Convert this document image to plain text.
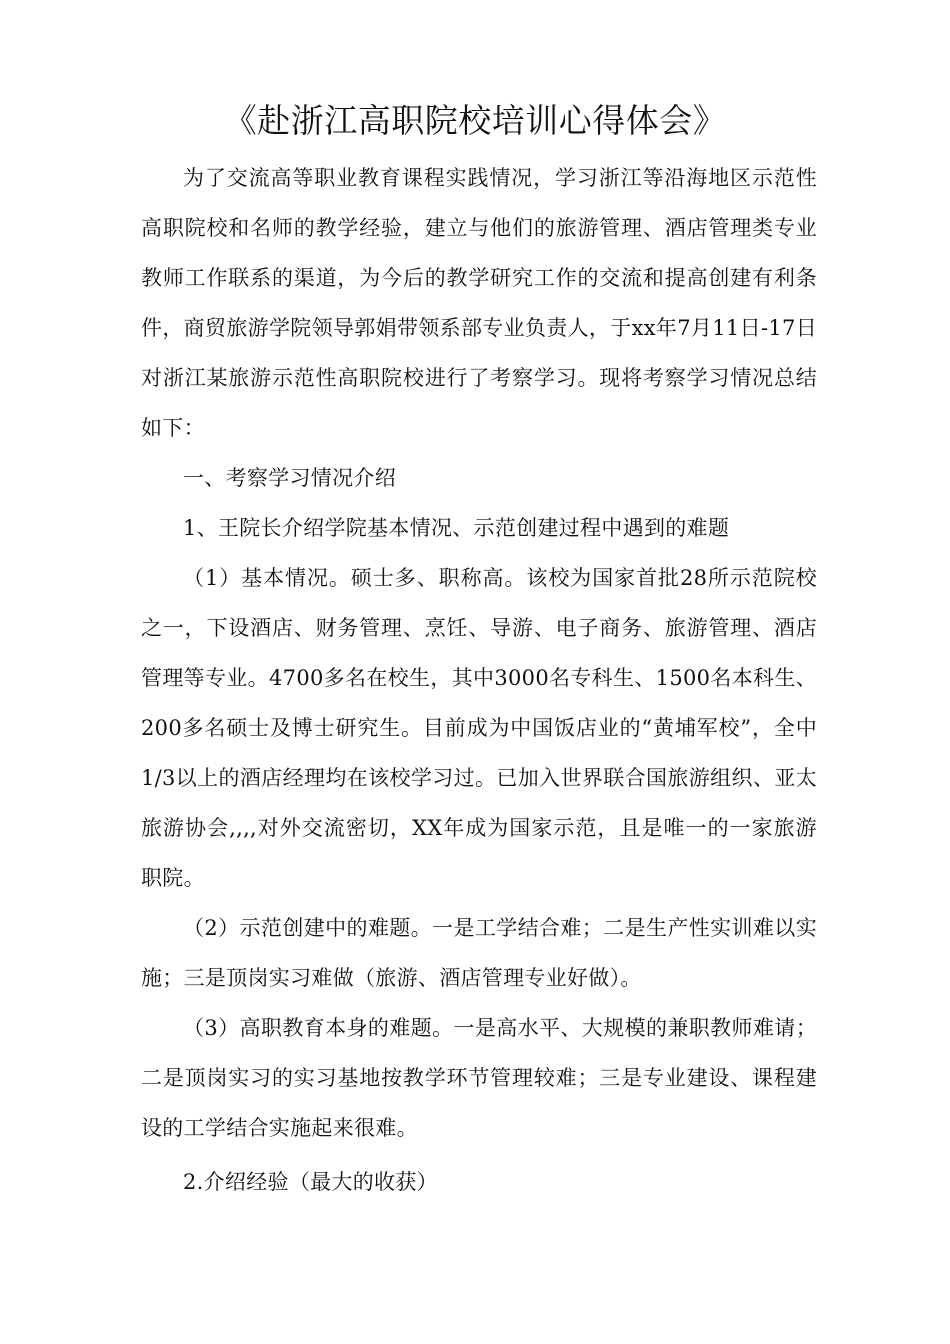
《赴浙江高职院校培训心得体会》

为了交流高等职业教育课程实践情况，学习浙江等沿海地区示范性高职院校和名师的教学经验，建立与他们的旅游管理、酒店管理类专业教师工作联系的渠道，为今后的教学研究工作的交流和提高创建有利条件，商贸旅游学院领导郭娟带领系部专业负责人，于xx年7月11日-17日对浙江某旅游示范性高职院校进行了考察学习。现将考察学习情况总结如下：

一、考察学习情况介绍

1、王院长介绍学院基本情况、示范创建过程中遇到的难题

（1）基本情况。硕士多、职称高。该校为国家首批28所示范院校之一，下设酒店、财务管理、烹饪、导游、电子商务、旅游管理、酒店管理等专业。4700多名在校生，其中3000名专科生、1500名本科生、200多名硕士及博士研究生。目前成为中国饭店业的“黄埔军校”，全中1/3以上的酒店经理均在该校学习过。已加入世界联合国旅游组织、亚太旅游协会,,,,对外交流密切，XX年成为国家示范，且是唯一的一家旅游职院。

（2）示范创建中的难题。一是工学结合难；二是生产性实训难以实施；三是顶岗实习难做（旅游、酒店管理专业好做）。

（3）高职教育本身的难题。一是高水平、大规模的兼职教师难请；二是顶岗实习的实习基地按教学环节管理较难；三是专业建设、课程建设的工学结合实施起来很难。

2.介绍经验（最大的收获）
